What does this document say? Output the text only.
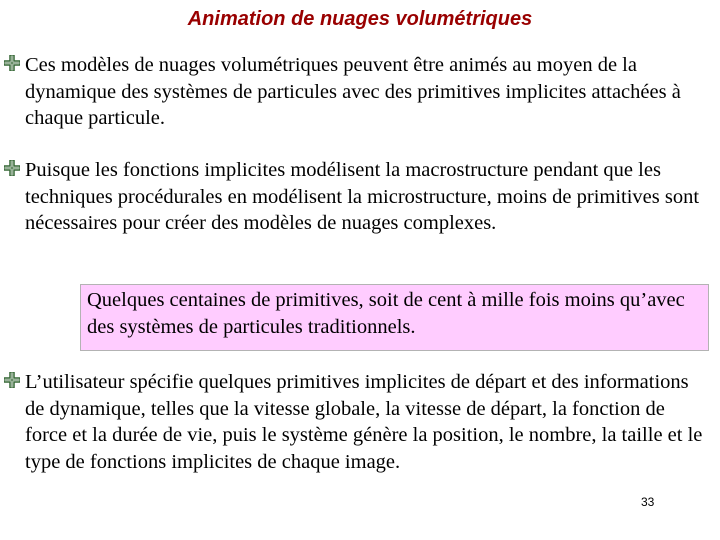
Animation de nuages volumétriques
Ces modèles de nuages volumétriques peuvent être animés au moyen de la dynamique des systèmes de particules avec des primitives implicites attachées à chaque particule.
Puisque les fonctions implicites modélisent la macrostructure pendant que les techniques procédurales en modélisent la microstructure, moins de primitives sont nécessaires pour créer des modèles de nuages complexes.
Quelques centaines de primitives, soit de cent à mille fois moins qu’avec des systèmes de particules traditionnels.
L’utilisateur spécifie quelques primitives implicites de départ et des informations de dynamique, telles que la vitesse globale, la vitesse de départ, la fonction de force et la durée de vie, puis le système génère la position, le nombre, la taille et le type de fonctions implicites de chaque image.
33
